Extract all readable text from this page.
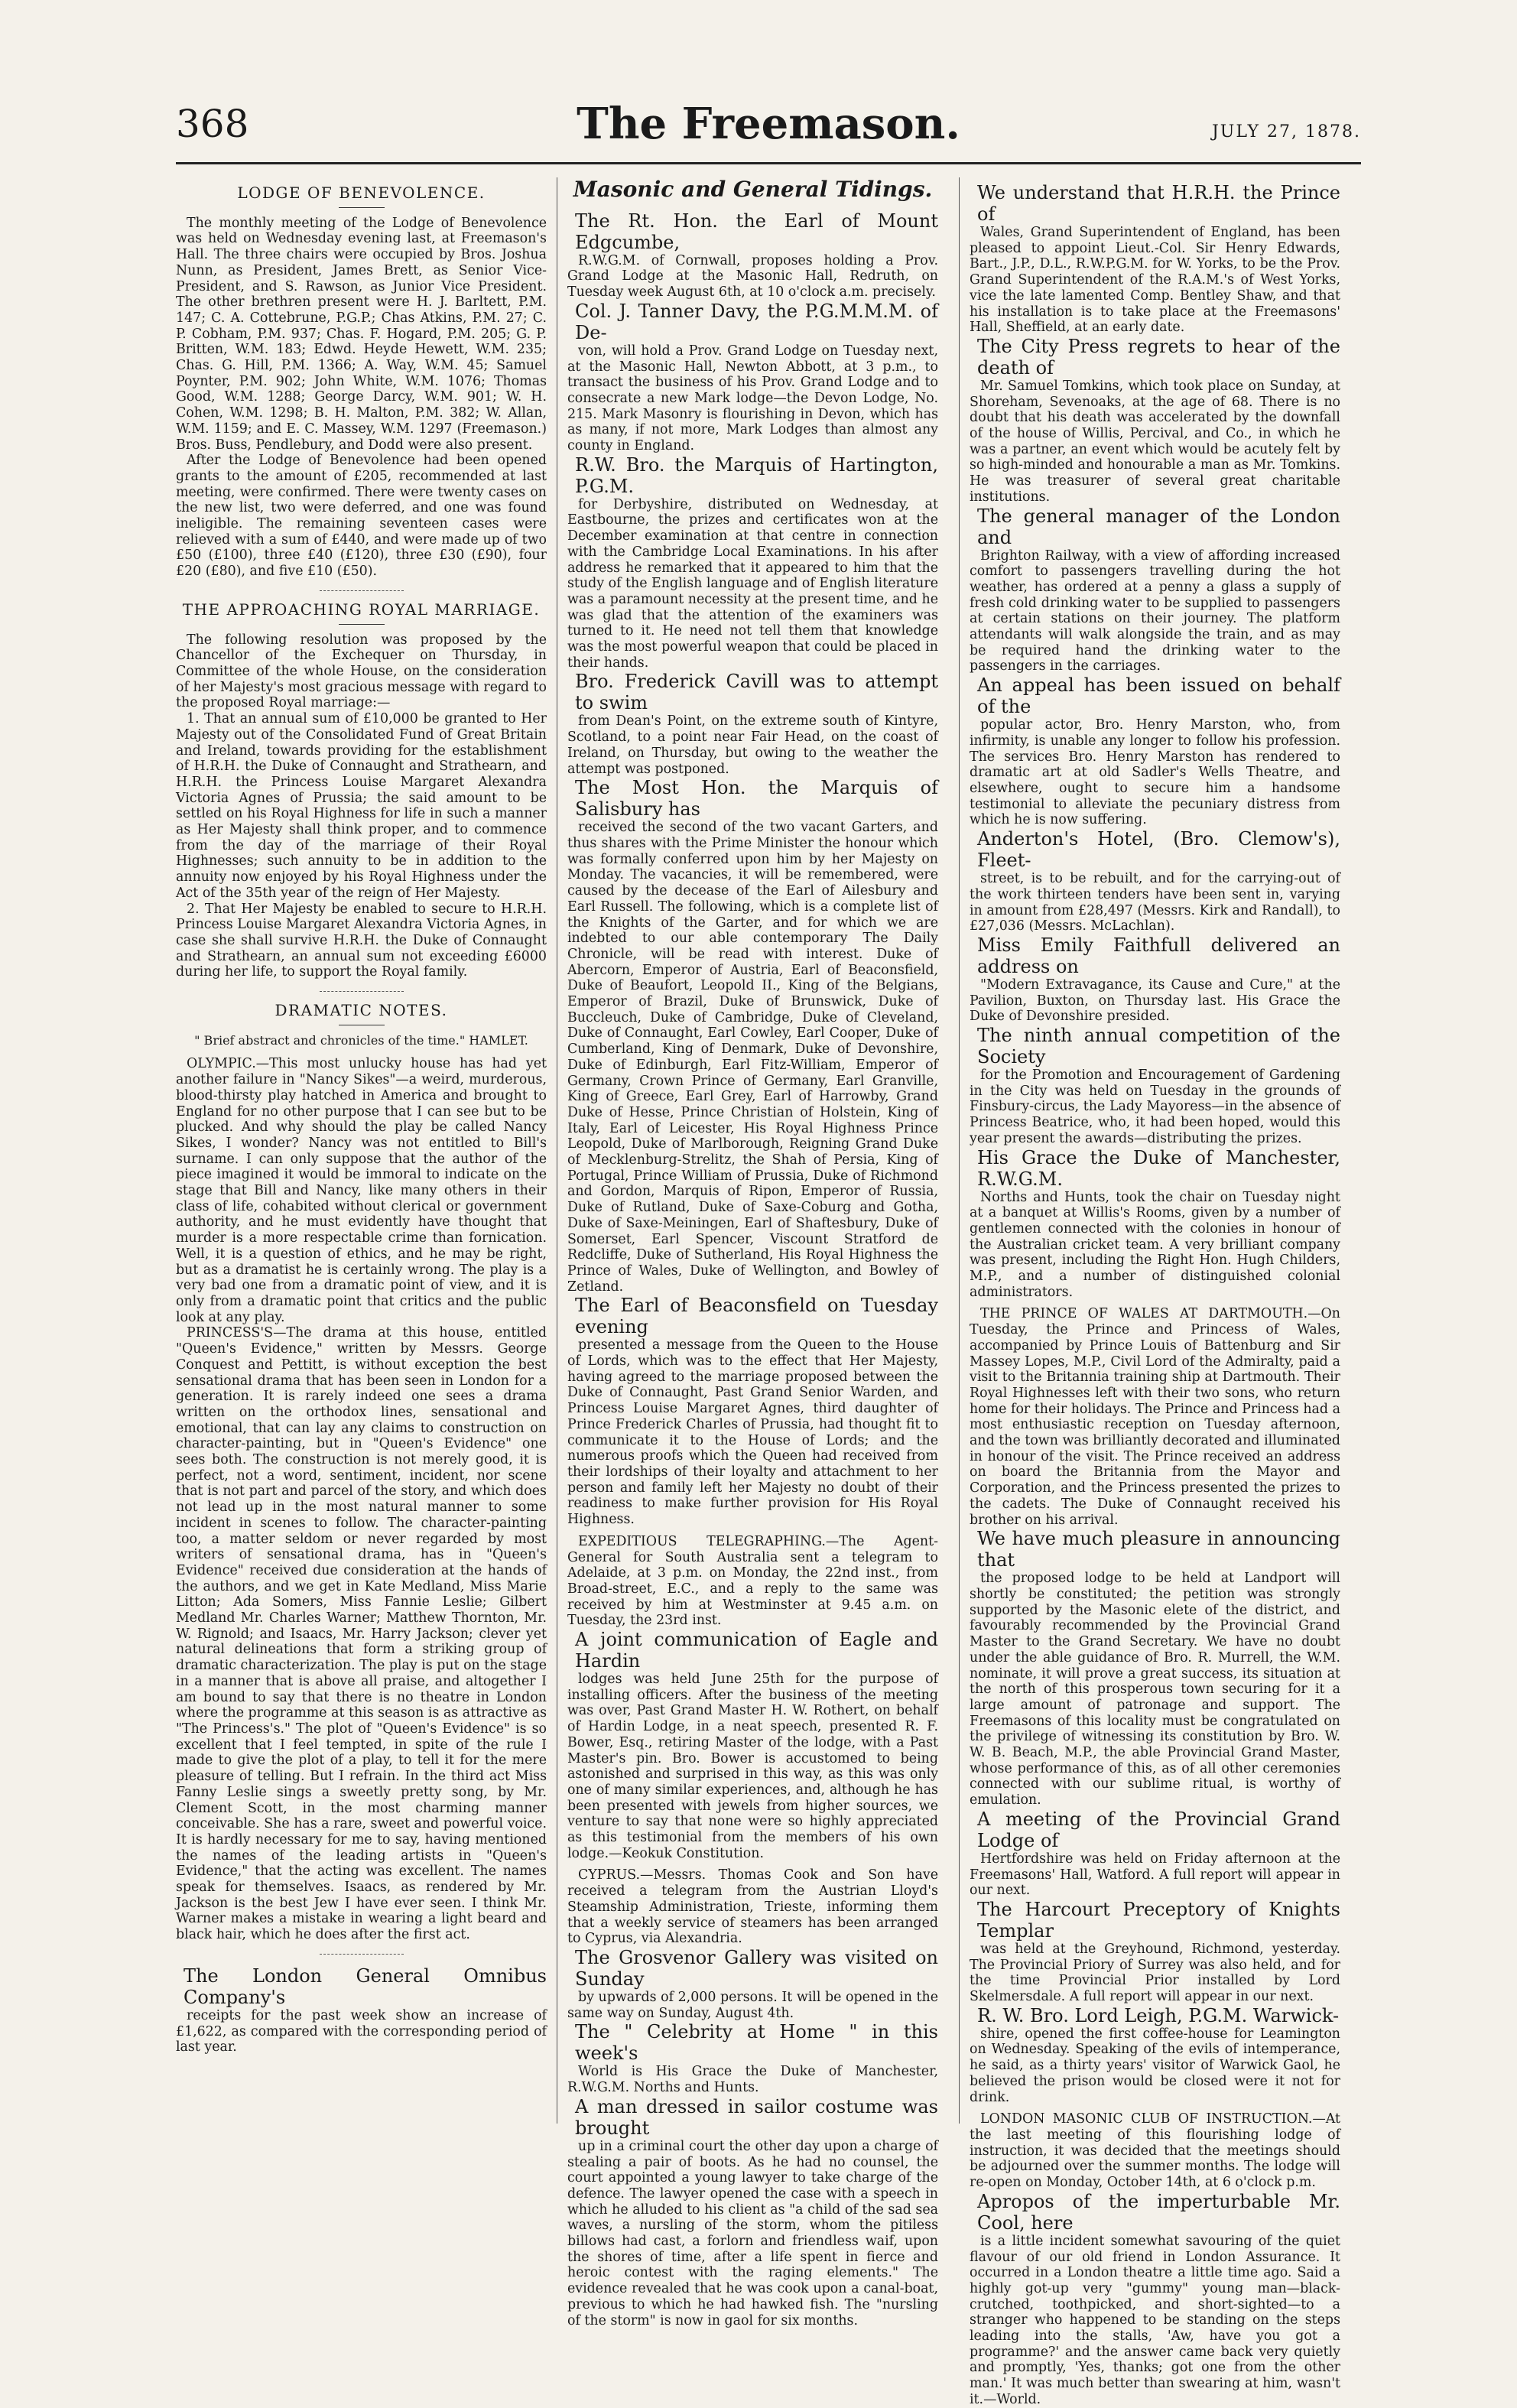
The Freemason.
368	JULY 27, 1878.
LODGE OF BENEVOLENCE.

The monthly meeting of the Lodge of Benevolence was held on Wednesday evening last, at Freemason's Hall. The three chairs were occupied by Bros. Joshua Nunn, as President, James Brett, as Senior Vice-President, and S. Rawson, as Junior Vice President. The other brethren present were H. J. Barltett, P.M. 147; C. A. Cottebrune, P.G.P.; Chas Atkins, P.M. 27; C. P. Cobham, P.M. 937; Chas. F. Hogard, P.M. 205; G. P. Britten, W.M. 183; Edwd. Heyde Hewett, W.M. 235; Chas. G. Hill, P.M. 1366; A. Way, W.M. 45; Samuel Poynter, P.M. 902; John White, W.M. 1076; Thomas Good, W.M. 1288; George Darcy, W.M. 901; W. H. Cohen, W.M. 1298; B. H. Malton, P.M. 382; W. Allan, W.M. 1159; and E. C. Massey, W.M. 1297 (Freemason.) Bros. Buss, Pendlebury, and Dodd were also present.

After the Lodge of Benevolence had been opened grants to the amount of £205, recommended at last meeting, were confirmed. There were twenty cases on the new list, two were deferred, and one was found ineligible. The remaining seventeen cases were relieved with a sum of £440, and were made up of two £50 (£100), three £40 (£120), three £30 (£90), four £20 (£80), and five £10 (£50).

THE APPROACHING ROYAL MARRIAGE.

The following resolution was proposed by the Chancellor of the Exchequer on Thursday, in Committee of the whole House, on the consideration of her Majesty's most gracious message with regard to the proposed Royal marriage:—

1. That an annual sum of £10,000 be granted to Her Majesty out of the Consolidated Fund of Great Britain and Ireland, towards providing for the establishment of H.R.H. the Duke of Connaught and Strathearn, and H.R.H. the Princess Louise Margaret Alexandra Victoria Agnes of Prussia; the said amount to be settled on his Royal Highness for life in such a manner as Her Majesty shall think proper, and to commence from the day of the marriage of their Royal Highnesses; such annuity to be in addition to the annuity now enjoyed by his Royal Highness under the Act of the 35th year of the reign of Her Majesty.

2. That Her Majesty be enabled to secure to H.R.H. Princess Louise Margaret Alexandra Victoria Agnes, in case she shall survive H.R.H. the Duke of Connaught and Strathearn, an annual sum not exceeding £6000 during her life, to support the Royal family.

DRAMATIC NOTES.

" Brief abstract and chronicles of the time." HAMLET.

OLYMPIC.—This most unlucky house has had yet another failure in "Nancy Sikes"—a weird, murderous, blood-thirsty play hatched in America and brought to England for no other purpose that I can see but to be plucked. And why should the play be called Nancy Sikes, I wonder? Nancy was not entitled to Bill's surname. I can only suppose that the author of the piece imagined it would be immoral to indicate on the stage that Bill and Nancy, like many others in their class of life, cohabited without clerical or government authority, and he must evidently have thought that murder is a more respectable crime than fornication. Well, it is a question of ethics, and he may be right, but as a dramatist he is certainly wrong. The play is a very bad one from a dramatic point of view, and it is only from a dramatic point that critics and the public look at any play.

PRINCESS'S—The drama at this house, entitled "Queen's Evidence," written by Messrs. George Conquest and Pettitt, is without exception the best sensational drama that has been seen in London for a generation. It is rarely indeed one sees a drama written on the orthodox lines, sensational and emotional, that can lay any claims to construction on character-painting, but in "Queen's Evidence" one sees both. The construction is not merely good, it is perfect, not a word, sentiment, incident, nor scene that is not part and parcel of the story, and which does not lead up in the most natural manner to some incident in scenes to follow. The character-painting too, a matter seldom or never regarded by most writers of sensational drama, has in "Queen's Evidence" received due consideration at the hands of the authors, and we get in Kate Medland, Miss Marie Litton; Ada Somers, Miss Fannie Leslie; Gilbert Medland Mr. Charles Warner; Matthew Thornton, Mr. W. Rignold; and Isaacs, Mr. Harry Jackson; clever yet natural delineations that form a striking group of dramatic characterization. The play is put on the stage in a manner that is above all praise, and altogether I am bound to say that there is no theatre in London where the programme at this season is as attractive as "The Princess's." The plot of "Queen's Evidence" is so excellent that I feel tempted, in spite of the rule I made to give the plot of a play, to tell it for the mere pleasure of telling. But I refrain. In the third act Miss Fanny Leslie sings a sweetly pretty song, by Mr. Clement Scott, in the most charming manner conceivable. She has a rare, sweet and powerful voice. It is hardly necessary for me to say, having mentioned the names of the leading artists in "Queen's Evidence," that the acting was excellent. The names speak for themselves. Isaacs, as rendered by Mr. Jackson is the best Jew I have ever seen. I think Mr. Warner makes a mistake in wearing a light beard and black hair, which he does after the first act.

The London General Omnibus Company's

receipts for the past week show an increase of £1,622, as compared with the corresponding period of last year.

Masonic and General Tidings.

The Rt. Hon. the Earl of Mount Edgcumbe,

R.W.G.M. of Cornwall, proposes holding a Prov. Grand Lodge at the Masonic Hall, Redruth, on Tuesday week August 6th, at 10 o'clock a.m. precisely.

Col. J. Tanner Davy, the P.G.M.M.M. of De-

von, will hold a Prov. Grand Lodge on Tuesday next, at the Masonic Hall, Newton Abbott, at 3 p.m., to transact the business of his Prov. Grand Lodge and to consecrate a new Mark lodge—the Devon Lodge, No. 215. Mark Masonry is flourishing in Devon, which has as many, if not more, Mark Lodges than almost any county in England.

R.W. Bro. the Marquis of Hartington, P.G.M.

for Derbyshire, distributed on Wednesday, at Eastbourne, the prizes and certificates won at the December examination at that centre in connection with the Cambridge Local Examinations. In his after address he remarked that it appeared to him that the study of the English language and of English literature was a paramount necessity at the present time, and he was glad that the attention of the examiners was turned to it. He need not tell them that knowledge was the most powerful weapon that could be placed in their hands.

Bro. Frederick Cavill was to attempt to swim

from Dean's Point, on the extreme south of Kintyre, Scotland, to a point near Fair Head, on the coast of Ireland, on Thursday, but owing to the weather the attempt was postponed.

The Most Hon. the Marquis of Salisbury has

received the second of the two vacant Garters, and thus shares with the Prime Minister the honour which was formally conferred upon him by her Majesty on Monday. The vacancies, it will be remembered, were caused by the decease of the Earl of Ailesbury and Earl Russell. The following, which is a complete list of the Knights of the Garter, and for which we are indebted to our able contemporary The Daily Chronicle, will be read with interest. Duke of Abercorn, Emperor of Austria, Earl of Beaconsfield, Duke of Beaufort, Leopold II., King of the Belgians, Emperor of Brazil, Duke of Brunswick, Duke of Buccleuch, Duke of Cambridge, Duke of Cleveland, Duke of Connaught, Earl Cowley, Earl Cooper, Duke of Cumberland, King of Denmark, Duke of Devonshire, Duke of Edinburgh, Earl Fitz-William, Emperor of Germany, Crown Prince of Germany, Earl Granville, King of Greece, Earl Grey, Earl of Harrowby, Grand Duke of Hesse, Prince Christian of Holstein, King of Italy, Earl of Leicester, His Royal Highness Prince Leopold, Duke of Marlborough, Reigning Grand Duke of Mecklenburg-Strelitz, the Shah of Persia, King of Portugal, Prince William of Prussia, Duke of Richmond and Gordon, Marquis of Ripon, Emperor of Russia, Duke of Rutland, Duke of Saxe-Coburg and Gotha, Duke of Saxe-Meiningen, Earl of Shaftesbury, Duke of Somerset, Earl Spencer, Viscount Stratford de Redcliffe, Duke of Sutherland, His Royal Highness the Prince of Wales, Duke of Wellington, and Bowley of Zetland.

The Earl of Beaconsfield on Tuesday evening

presented a message from the Queen to the House of Lords, which was to the effect that Her Majesty, having agreed to the marriage proposed between the Duke of Connaught, Past Grand Senior Warden, and Princess Louise Margaret Agnes, third daughter of Prince Frederick Charles of Prussia, had thought fit to communicate it to the House of Lords; and the numerous proofs which the Queen had received from their lordships of their loyalty and attachment to her person and family left her Majesty no doubt of their readiness to make further provision for His Royal Highness.

EXPEDITIOUS TELEGRAPHING.—The Agent-General for South Australia sent a telegram to Adelaide, at 3 p.m. on Monday, the 22nd inst., from Broad-street, E.C., and a reply to the same was received by him at Westminster at 9.45 a.m. on Tuesday, the 23rd inst.

A joint communication of Eagle and Hardin

lodges was held June 25th for the purpose of installing officers. After the business of the meeting was over, Past Grand Master H. W. Rothert, on behalf of Hardin Lodge, in a neat speech, presented R. F. Bower, Esq., retiring Master of the lodge, with a Past Master's pin. Bro. Bower is accustomed to being astonished and surprised in this way, as this was only one of many similar experiences, and, although he has been presented with jewels from higher sources, we venture to say that none were so highly appreciated as this testimonial from the members of his own lodge.—Keokuk Constitution.

CYPRUS.—Messrs. Thomas Cook and Son have received a telegram from the Austrian Lloyd's Steamship Administration, Trieste, informing them that a weekly service of steamers has been arranged to Cyprus, via Alexandria.

The Grosvenor Gallery was visited on Sunday

by upwards of 2,000 persons. It will be opened in the same way on Sunday, August 4th.

The " Celebrity at Home " in this week's

World is His Grace the Duke of Manchester, R.W.G.M. Norths and Hunts.

A man dressed in sailor costume was brought

up in a criminal court the other day upon a charge of stealing a pair of boots. As he had no counsel, the court appointed a young lawyer to take charge of the defence. The lawyer opened the case with a speech in which he alluded to his client as "a child of the sad sea waves, a nursling of the storm, whom the pitiless billows had cast, a forlorn and friendless waif, upon the shores of time, after a life spent in fierce and heroic contest with the raging elements." The evidence revealed that he was cook upon a canal-boat, previous to which he had hawked fish. The "nursling of the storm" is now in gaol for six months.

We understand that H.R.H. the Prince of

Wales, Grand Superintendent of England, has been pleased to appoint Lieut.-Col. Sir Henry Edwards, Bart., J.P., D.L., R.W.P.G.M. for W. Yorks, to be the Prov. Grand Superintendent of the R.A.M.'s of West Yorks, vice the late lamented Comp. Bentley Shaw, and that his installation is to take place at the Freemasons' Hall, Sheffield, at an early date.

The City Press regrets to hear of the death of

Mr. Samuel Tomkins, which took place on Sunday, at Shoreham, Sevenoaks, at the age of 68. There is no doubt that his death was accelerated by the downfall of the house of Willis, Percival, and Co., in which he was a partner, an event which would be acutely felt by so high-minded and honourable a man as Mr. Tomkins. He was treasurer of several great charitable institutions.

The general manager of the London and

Brighton Railway, with a view of affording increased comfort to passengers travelling during the hot weather, has ordered at a penny a glass a supply of fresh cold drinking water to be supplied to passengers at certain stations on their journey. The platform attendants will walk alongside the train, and as may be required hand the drinking water to the passengers in the carriages.

An appeal has been issued on behalf of the

popular actor, Bro. Henry Marston, who, from infirmity, is unable any longer to follow his profession. The services Bro. Henry Marston has rendered to dramatic art at old Sadler's Wells Theatre, and elsewhere, ought to secure him a handsome testimonial to alleviate the pecuniary distress from which he is now suffering.

Anderton's Hotel, (Bro. Clemow's), Fleet-

street, is to be rebuilt, and for the carrying-out of the work thirteen tenders have been sent in, varying in amount from £28,497 (Messrs. Kirk and Randall), to £27,036 (Messrs. McLachlan).

Miss Emily Faithfull delivered an address on

"Modern Extravagance, its Cause and Cure," at the Pavilion, Buxton, on Thursday last. His Grace the Duke of Devonshire presided.

The ninth annual competition of the Society

for the Promotion and Encouragement of Gardening in the City was held on Tuesday in the grounds of Finsbury-circus, the Lady Mayoress—in the absence of Princess Beatrice, who, it had been hoped, would this year present the awards—distributing the prizes.

His Grace the Duke of Manchester, R.W.G.M.

Norths and Hunts, took the chair on Tuesday night at a banquet at Willis's Rooms, given by a number of gentlemen connected with the colonies in honour of the Australian cricket team. A very brilliant company was present, including the Right Hon. Hugh Childers, M.P., and a number of distinguished colonial administrators.

THE PRINCE OF WALES AT DARTMOUTH.—On Tuesday, the Prince and Princess of Wales, accompanied by Prince Louis of Battenburg and Sir Massey Lopes, M.P., Civil Lord of the Admiralty, paid a visit to the Britannia training ship at Dartmouth. Their Royal Highnesses left with their two sons, who return home for their holidays. The Prince and Princess had a most enthusiastic reception on Tuesday afternoon, and the town was brilliantly decorated and illuminated in honour of the visit. The Prince received an address on board the Britannia from the Mayor and Corporation, and the Princess presented the prizes to the cadets. The Duke of Connaught received his brother on his arrival.

We have much pleasure in announcing that

the proposed lodge to be held at Landport will shortly be constituted; the petition was strongly supported by the Masonic elete of the district, and favourably recommended by the Provincial Grand Master to the Grand Secretary. We have no doubt under the able guidance of Bro. R. Murrell, the W.M. nominate, it will prove a great success, its situation at the north of this prosperous town securing for it a large amount of patronage and support. The Freemasons of this locality must be congratulated on the privilege of witnessing its constitution by Bro. W. W. B. Beach, M.P., the able Provincial Grand Master, whose performance of this, as of all other ceremonies connected with our sublime ritual, is worthy of emulation.

A meeting of the Provincial Grand Lodge of

Hertfordshire was held on Friday afternoon at the Freemasons' Hall, Watford. A full report will appear in our next.

The Harcourt Preceptory of Knights Templar

was held at the Greyhound, Richmond, yesterday. The Provincial Priory of Surrey was also held, and for the time Provincial Prior installed by Lord Skelmersdale. A full report will appear in our next.

R. W. Bro. Lord Leigh, P.G.M. Warwick-

shire, opened the first coffee-house for Leamington on Wednesday. Speaking of the evils of intemperance, he said, as a thirty years' visitor of Warwick Gaol, he believed the prison would be closed were it not for drink.

LONDON MASONIC CLUB OF INSTRUCTION.—At the last meeting of this flourishing lodge of instruction, it was decided that the meetings should be adjourned over the summer months. The lodge will re-open on Monday, October 14th, at 6 o'clock p.m.

Apropos of the imperturbable Mr. Cool, here

is a little incident somewhat savouring of the quiet flavour of our old friend in London Assurance. It occurred in a London theatre a little time ago. Said a highly got-up very "gummy" young man—black-crutched, toothpicked, and short-sighted—to a stranger who happened to be standing on the steps leading into the stalls, 'Aw, have you got a programme?' and the answer came back very quietly and promptly, 'Yes, thanks; got one from the other man.' It was much better than swearing at him, wasn't it.—World.
